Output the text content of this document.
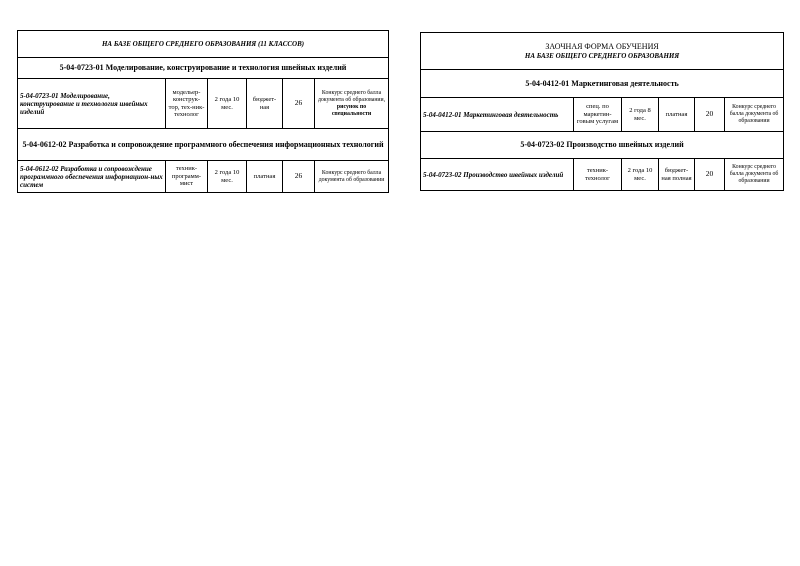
НА БАЗЕ ОБЩЕГО СРЕДНЕГО ОБРАЗОВАНИЯ (11 КЛАССОВ)					
5-04-0723-01 Моделирование, конструирование и технология швейных изделий					
5-04-0723-01 Моделирование, конструирование и технология швейных изделий	модельер-конструк-тор, тех-ник-технолог	2 года 10 мес.	бюджет-ная	26	Конкурс среднего балла документа об образовании, рисунок по специальности
5-04-0612-02 Разработка и сопровождение программного обеспечения информационных технологий					
5-04-0612-02 Разработка и сопровождение программного обеспечения информацион-ных систем	техник-программ-мист	2 года 10 мес.	платная	26	Конкурс среднего балла документа об образовании
ЗАОЧНАЯ ФОРМА ОБУЧЕНИЯ
НА БАЗЕ ОБЩЕГО СРЕДНЕГО ОБРАЗОВАНИЯ					

5-04-0412-01 Маркетинговая деятельность					
5-04-0412-01 Маркетинговая деятельность	спец. по маркетин-говым услугам	2 года 8 мес.	платная	20	Конкурс среднего балла документа об образовании
5-04-0723-02 Производство швейных изделий					
5-04-0723-02 Производство швейных изделий	техник-технолог	2 года 10 мес.	бюджет-ная полная	20	Конкурс среднего балла документа об образовании
